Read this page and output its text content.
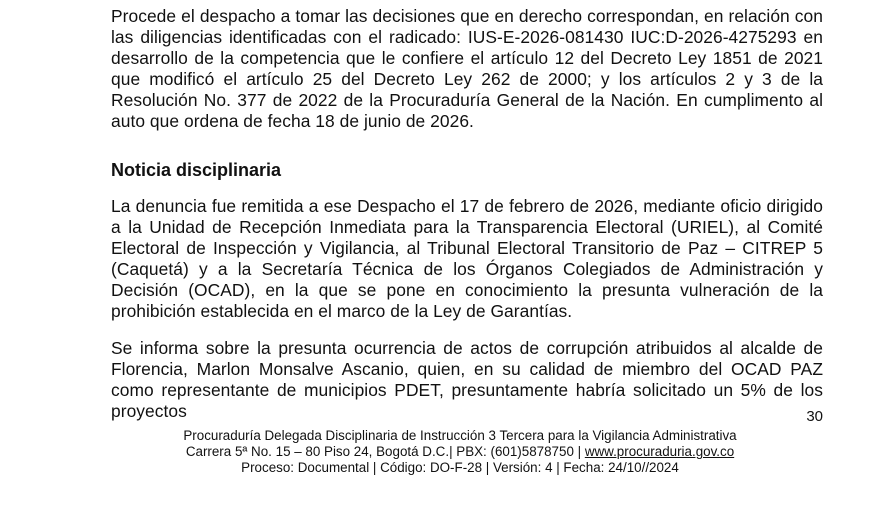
Procede el despacho a tomar las decisiones que en derecho correspondan, en relación con las diligencias identificadas con el radicado: IUS-E-2026-081430 IUC:D-2026-4275293 en desarrollo de la competencia que le confiere el artículo 12 del Decreto Ley 1851 de 2021 que modificó el artículo 25 del Decreto Ley 262 de 2000; y los artículos 2 y 3 de la Resolución No. 377 de 2022 de la Procuraduría General de la Nación. En cumplimento al auto que ordena de fecha 18 de junio de 2026.

Noticia disciplinaria

La denuncia fue remitida a ese Despacho el 17 de febrero de 2026, mediante oficio dirigido a la Unidad de Recepción Inmediata para la Transparencia Electoral (URIEL), al Comité Electoral de Inspección y Vigilancia, al Tribunal Electoral Transitorio de Paz – CITREP 5 (Caquetá) y a la Secretaría Técnica de los Órganos Colegiados de Administración y Decisión (OCAD), en la que se pone en conocimiento la presunta vulneración de la prohibición establecida en el marco de la Ley de Garantías.

Se informa sobre la presunta ocurrencia de actos de corrupción atribuidos al alcalde de Florencia, Marlon Monsalve Ascanio, quien, en su calidad de miembro del OCAD PAZ como representante de municipios PDET, presuntamente habría solicitado un 5% de los proyectos	30
Procuraduría Delegada Disciplinaria de Instrucción 3 Tercera para la Vigilancia Administrativa
Carrera 5ª No. 15 – 80 Piso 24, Bogotá D.C.| PBX: (601)5878750 | www.procuraduria.gov.co
Proceso: Documental | Código: DO-F-28 | Versión: 4 | Fecha: 24/10//2024
